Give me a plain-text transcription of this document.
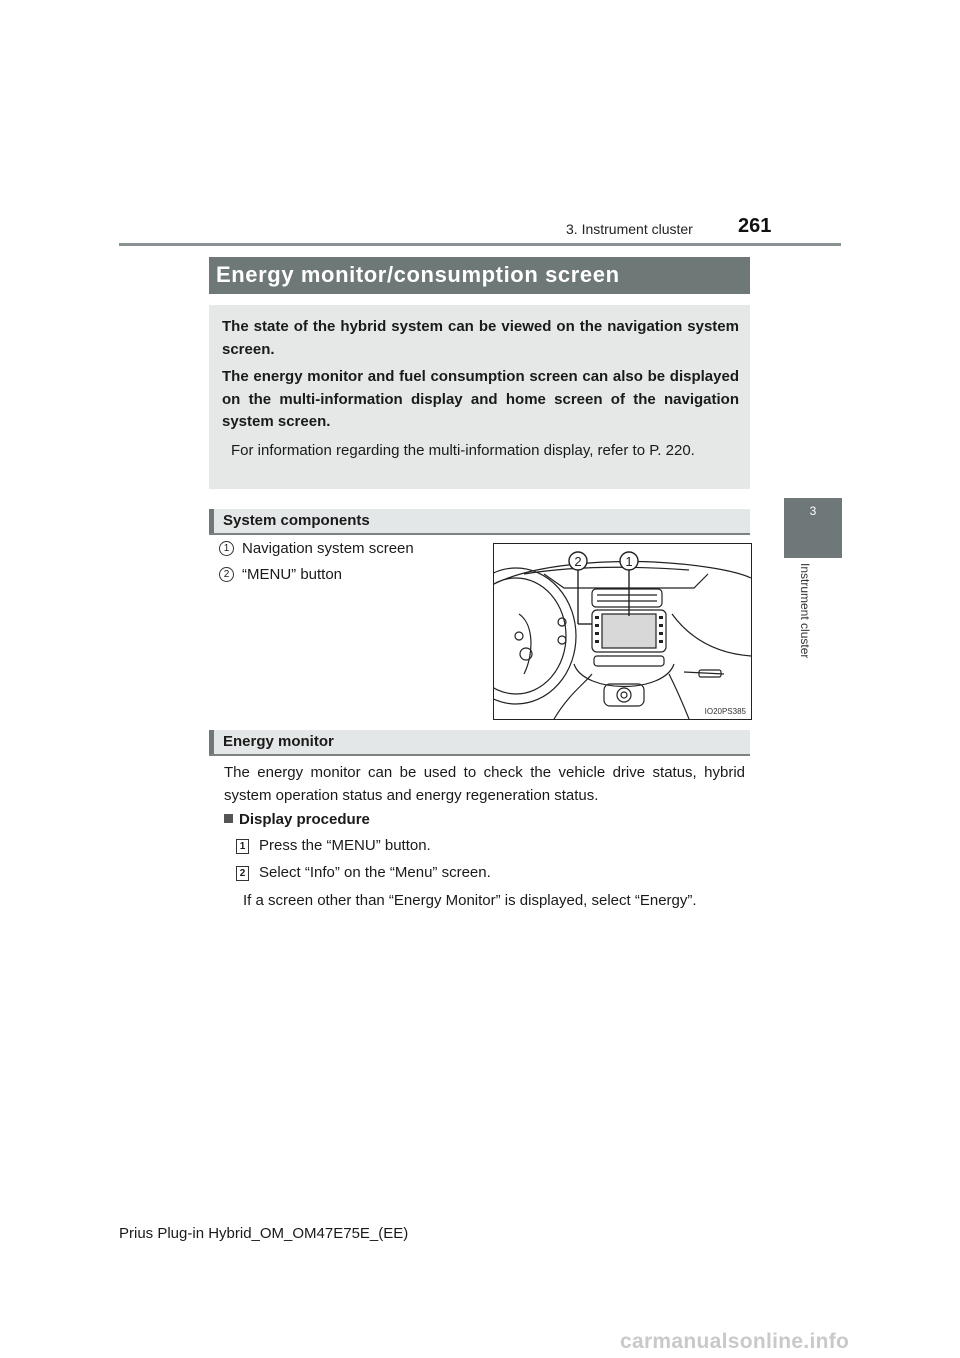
3. Instrument cluster 261
3
Instrument cluster
Energy monitor/consumption screen
The state of the hybrid system can be viewed on the navigation system screen.
The energy monitor and fuel consumption screen can also be displayed on the multi-information display and home screen of the navigation system screen.
For information regarding the multi-information display, refer to P. 220.
System components
1 Navigation system screen
2 “MENU” button
2	1
IO20PS385
Energy monitor
The energy monitor can be used to check the vehicle drive status, hybrid system operation status and energy regeneration status.
Display procedure
1 Press the “MENU” button.
2 Select “Info” on the “Menu” screen.
If a screen other than “Energy Monitor” is displayed, select “Energy”.
Prius Plug-in Hybrid_OM_OM47E75E_(EE)
carmanualsonline.info
